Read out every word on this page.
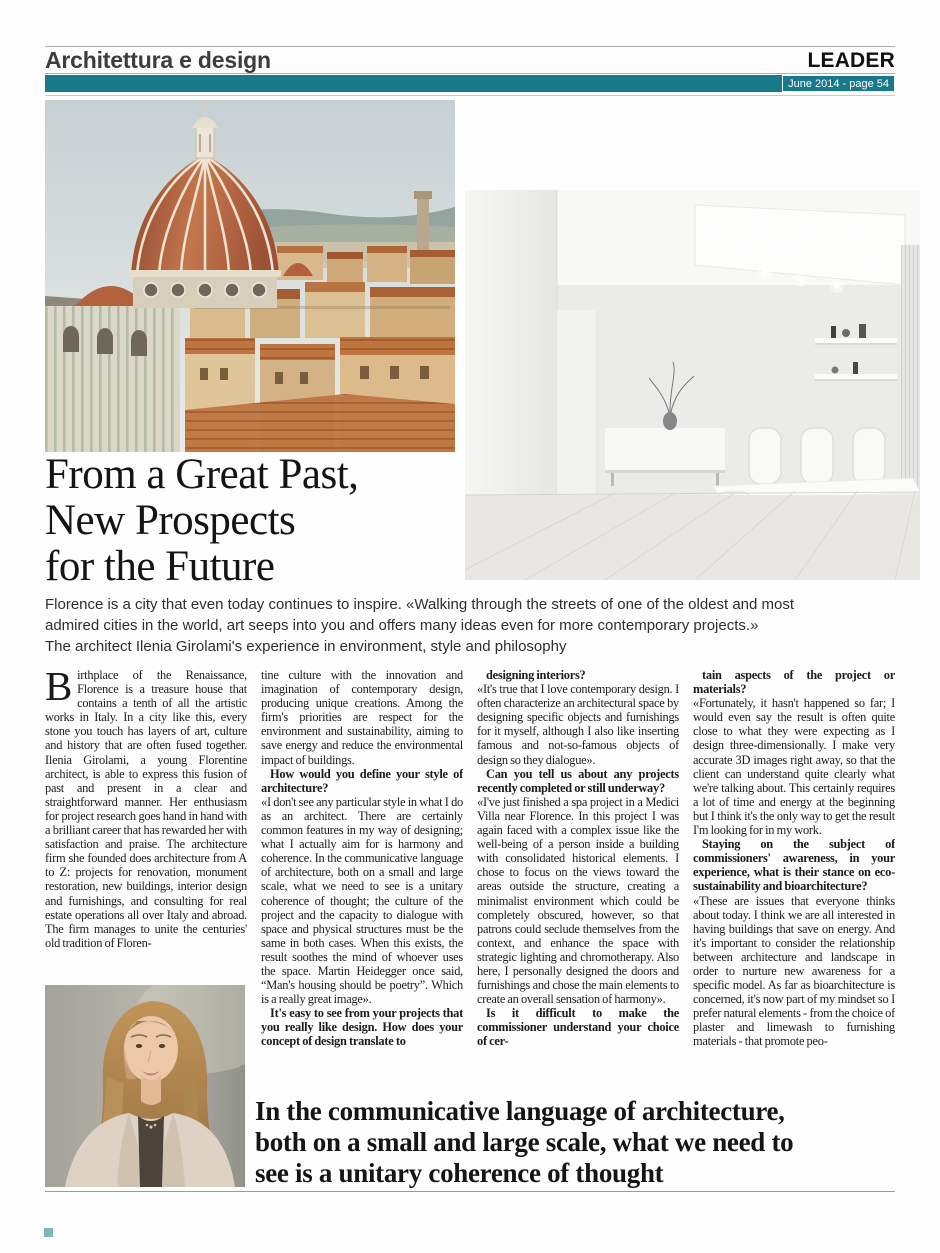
Architettura e design	LEADER
June 2014 - page 54
From a Great Past,
New Prospects
for the Future
Florence is a city that even today continues to inspire. «Walking through the streets of one of the oldest and most
admired cities in the world, art seeps into you and offers many ideas even for more contemporary projects.»
The architect Ilenia Girolami's experience in environment, style and philosophy

Birthplace of the Renaissance, Florence is a treasure house that contains a tenth of all the artistic works in Italy. In a city like this, every stone you touch has layers of art, culture and history that are often fused together. Ilenia Girolami, a young Florentine architect, is able to express this fusion of past and present in a clear and straightforward manner. Her enthusiasm for project research goes hand in hand with a brilliant career that has rewarded her with satisfaction and praise. The architecture firm she founded does architecture from A to Z: projects for renovation, monument restoration, new buildings, interior design and furnishings, and consulting for real estate operations all over Italy and abroad. The firm manages to unite the centuries' old tradition of Floren-

tine culture with the innovation and imagination of contemporary design, producing unique creations. Among the firm's priorities are respect for the environment and sustainability, aiming to save energy and reduce the environmental impact of buildings.

How would you define your style of architecture?

«I don't see any particular style in what I do as an architect. There are certainly common features in my way of designing; what I actually aim for is harmony and coherence. In the communicative language of architecture, both on a small and large scale, what we need to see is a unitary coherence of thought; the culture of the project and the capacity to dialogue with space and physical structures must be the same in both cases. When this exists, the result soothes the mind of whoever uses the space. Martin Heidegger once said, “Man's housing should be poetry”. Which is a really great image».

It's easy to see from your projects that you really like design. How does your concept of design translate to

designing interiors?

«It's true that I love contemporary design. I often characterize an architectural space by designing specific objects and furnishings for it myself, although I also like inserting famous and not-so-famous objects of design so they dialogue».

Can you tell us about any projects recently completed or still underway?

«I've just finished a spa project in a Medici Villa near Florence. In this project I was again faced with a complex issue like the well-being of a person inside a building with consolidated historical elements. I chose to focus on the views toward the areas outside the structure, creating a minimalist environment which could be completely obscured, however, so that patrons could seclude themselves from the context, and enhance the space with strategic lighting and chromotherapy. Also here, I personally designed the doors and furnishings and chose the main elements to create an overall sensation of harmony».

Is it difficult to make the commissioner understand your choice of cer-

tain aspects of the project or materials?

«Fortunately, it hasn't happened so far; I would even say the result is often quite close to what they were expecting as I design three-dimensionally. I make very accurate 3D images right away, so that the client can understand quite clearly what we're talking about. This certainly requires a lot of time and energy at the beginning but I think it's the only way to get the result I'm looking for in my work.

Staying on the subject of commissioners' awareness, in your experience, what is their stance on eco-sustainability and bioarchitecture?

«These are issues that everyone thinks about today. I think we are all interested in having buildings that save on energy. And it's important to consider the relationship between architecture and landscape in order to nurture new awareness for a specific model. As far as bioarchitecture is concerned, it's now part of my mindset so I prefer natural elements - from the choice of plaster and limewash to furnishing materials - that promote peo-

In the communicative language of architecture,
both on a small and large scale, what we need to
see is a unitary coherence of thought
